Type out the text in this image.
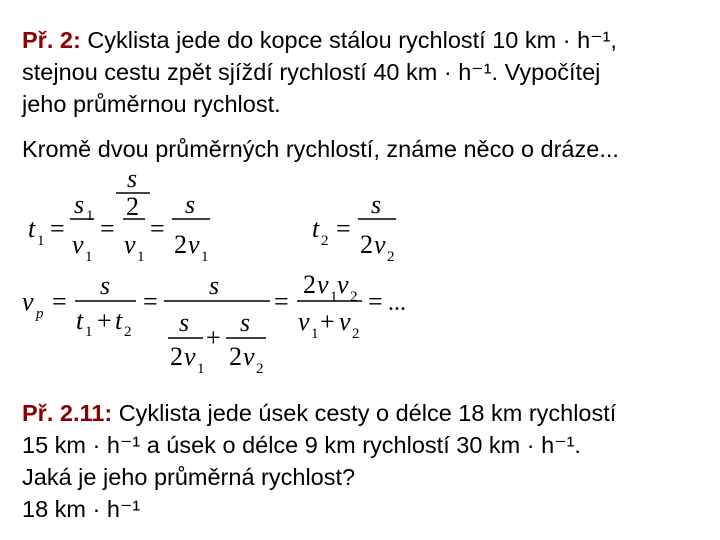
Př. 2: Cyklista jede do kopce stálou rychlostí 10 km · h⁻¹,
stejnou cestu zpět sjíždí rychlostí 40 km · h⁻¹. Vypočítej
jeho průměrnou rychlost.
Kromě dvou průměrných rychlostí, známe něco o dráze...
t 1 =
s 1
v 1
=
s
2
v 1
=
s
2 v 1
t 2 =
s
2 v 2
v p =
s
t 1 + t 2
=
s
s
2 v 1
+
s
2 v 2
=
2 v 1 v 2
v 1 + v 2
= ...
Př. 2.11: Cyklista jede úsek cesty o délce 18 km rychlostí
15 km · h⁻¹ a úsek o délce 9 km rychlostí 30 km · h⁻¹.
Jaká je jeho průměrná rychlost?
18 km · h⁻¹
